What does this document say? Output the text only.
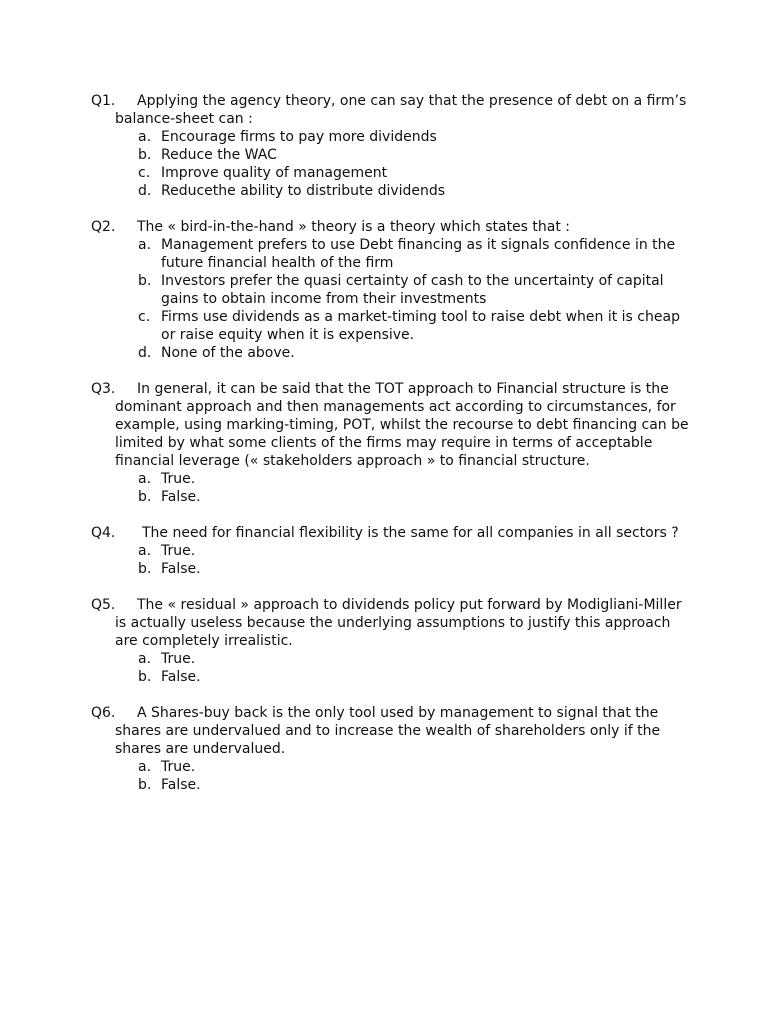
Q1.	Applying the agency theory, one can say that the presence of debt on a firm’s balance-sheet can :
a. Encourage firms to pay more dividends
b. Reduce the WAC
c. Improve quality of management
d. Reducethe ability to distribute dividends
Q2.	The « bird-in-the-hand » theory is a theory which states that :
a. Management prefers to use Debt financing as it signals confidence in the future financial health of the firm
b. Investors prefer the quasi certainty of cash to the uncertainty of capital gains to obtain income from their investments
c. Firms use dividends as a market-timing tool to raise debt when it is cheap or raise equity when it is expensive.
d. None of the above.
Q3.	In general, it can be said that the TOT approach to Financial structure is the dominant approach and then managements act according to circumstances, for example, using marking-timing, POT, whilst the recourse to debt financing can be limited by what some clients of the firms may require in terms of acceptable financial leverage (« stakeholders approach » to financial structure.
a. True.
b. False.
Q4.	The need for financial flexibility is the same for all companies in all sectors ?
a. True.
b. False.
Q5.	The « residual » approach to dividends policy put forward by Modigliani-Miller is actually useless because the underlying assumptions to justify this approach are completely irrealistic.
a. True.
b. False.
Q6.	A Shares-buy back is the only tool used by management to signal that the shares are undervalued and to increase the wealth of shareholders only if the shares are undervalued.
a. True.
b. False.
